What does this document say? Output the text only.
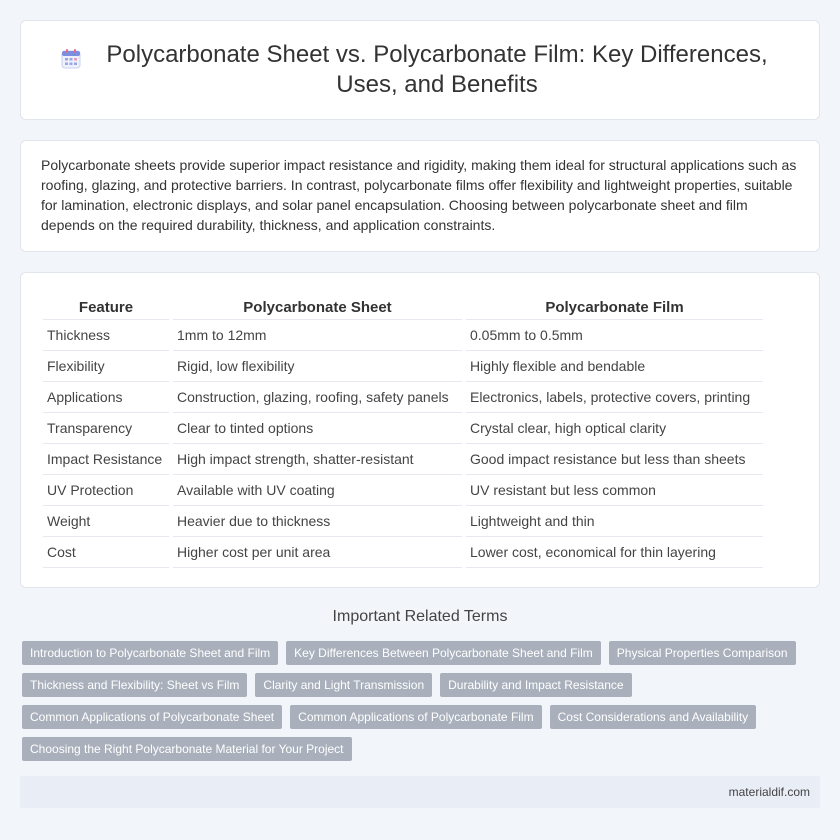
Polycarbonate Sheet vs. Polycarbonate Film: Key Differences, Uses, and Benefits

Polycarbonate sheets provide superior impact resistance and rigidity, making them ideal for structural applications such as roofing, glazing, and protective barriers. In contrast, polycarbonate films offer flexibility and lightweight properties, suitable for lamination, electronic displays, and solar panel encapsulation. Choosing between polycarbonate sheet and film depends on the required durability, thickness, and application constraints.

Feature	Polycarbonate Sheet	Polycarbonate Film
Thickness	1mm to 12mm	0.05mm to 0.5mm
Flexibility	Rigid, low flexibility	Highly flexible and bendable
Applications	Construction, glazing, roofing, safety panels	Electronics, labels, protective covers, printing
Transparency	Clear to tinted options	Crystal clear, high optical clarity
Impact Resistance	High impact strength, shatter-resistant	Good impact resistance but less than sheets
UV Protection	Available with UV coating	UV resistant but less common
Weight	Heavier due to thickness	Lightweight and thin
Cost	Higher cost per unit area	Lower cost, economical for thin layering
Important Related Terms
Introduction to Polycarbonate Sheet and Film	Key Differences Between Polycarbonate Sheet and Film	Physical Properties Comparison
Thickness and Flexibility: Sheet vs Film	Clarity and Light Transmission	Durability and Impact Resistance
Common Applications of Polycarbonate Sheet	Common Applications of Polycarbonate Film	Cost Considerations and Availability
Choosing the Right Polycarbonate Material for Your Project
materialdif.com
